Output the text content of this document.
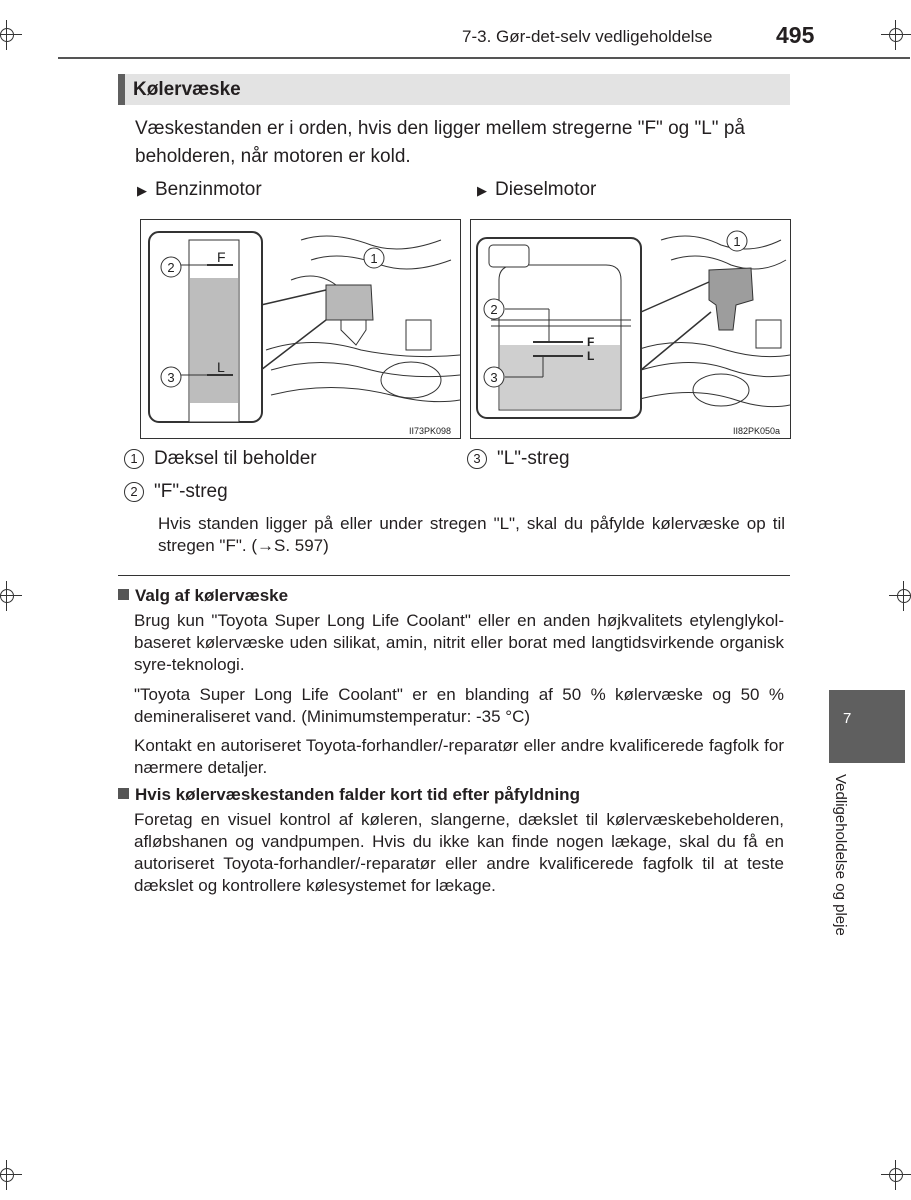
7-3. Gør-det-selv vedligeholdelse	495
Kølervæske
Væskestanden er i orden, hvis den ligger mellem stregerne "F" og "L" på beholderen, når motoren er kold.
▶ Benzinmotor	▶ Dieselmotor
2
3
1
F
L
II73PK098
2
3
1
F
L
II82PK050a
1 Dæksel til beholder	3 "L"-streg
2 "F"-streg
Hvis standen ligger på eller under stregen "L", skal du påfylde kølervæske op til stregen "F". (→S. 597)
Valg af kølervæske
Brug kun "Toyota Super Long Life Coolant" eller en anden højkvalitets etylenglykol-baseret kølervæske uden silikat, amin, nitrit eller borat med langtidsvirkende organisk syre-teknologi.
"Toyota Super Long Life Coolant" er en blanding af 50 % kølervæske og 50 % demineraliseret vand. (Minimumstemperatur: -35 °C)
Kontakt en autoriseret Toyota-forhandler/-reparatør eller andre kvalificerede fagfolk for nærmere detaljer.
Hvis kølervæskestanden falder kort tid efter påfyldning
Foretag en visuel kontrol af køleren, slangerne, dækslet til kølervæskebeholderen, afløbshanen og vandpumpen. Hvis du ikke kan finde nogen lækage, skal du få en autoriseret Toyota-forhandler/-reparatør eller andre kvalificerede fagfolk til at teste dækslet og kontrollere kølesystemet for lækage.
7
Vedligeholdelse og pleje
